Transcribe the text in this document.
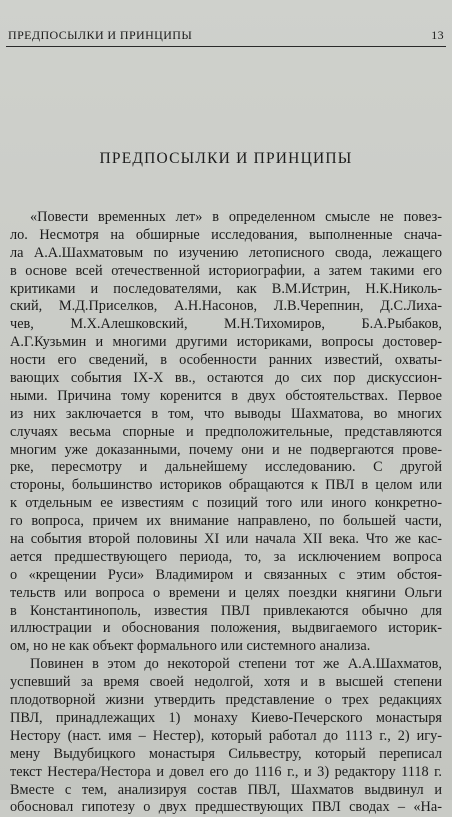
ПРЕДПОСЫЛКИ И ПРИНЦИПЫ	13
ПРЕДПОСЫЛКИ И ПРИНЦИПЫ
«Повести временных лет» в определенном смысле не повез-
ло. Несмотря на обширные исследования, выполненные снача-
ла А.А.Шахматовым по изучению летописного свода, лежащего
в основе всей отечественной историографии, а затем такими его
критиками и последователями, как В.М.Истрин, Н.К.Николь-
ский, М.Д.Приселков, А.Н.Насонов, Л.В.Черепнин, Д.С.Лиха-
чев, М.Х.Алешковский, М.Н.Тихомиров, Б.А.Рыбаков,
А.Г.Кузьмин и многими другими историками, вопросы достовер-
ности его сведений, в особенности ранних известий, охваты-
вающих события IX-X вв., остаются до сих пор дискуссион-
ными. Причина тому коренится в двух обстоятельствах. Первое
из них заключается в том, что выводы Шахматова, во многих
случаях весьма спорные и предположительные, представляются
многим уже доказанными, почему они и не подвергаются прове-
рке, пересмотру и дальнейшему исследованию. С другой
стороны, большинство историков обращаются к ПВЛ в целом или
к отдельным ее известиям с позиций того или иного конкретно-
го вопроса, причем их внимание направлено, по большей части,
на события второй половины XI или начала XII века. Что же кас-
ается предшествующего периода, то, за исключением вопроса
о «крещении Руси» Владимиром и связанных с этим обстоя-
тельств или вопроса о времени и целях поездки княгини Ольги
в Константинополь, известия ПВЛ привлекаются обычно для
иллюстрации и обоснования положения, выдвигаемого историк-
ом, но не как объект формального или системного анализа.
Повинен в этом до некоторой степени тот же А.А.Шахматов,
успевший за время своей недолгой, хотя и в высшей степени
плодотворной жизни утвердить представление о трех редакциях
ПВЛ, принадлежащих 1) монаху Киево-Печерского монастыря
Нестору (наст. имя – Нестер), который работал до 1113 г., 2) игу-
мену Выдубицкого монастыря Сильвестру, который переписал
текст Нестера/Нестора и довел его до 1116 г., и 3) редактору 1118 г.
Вместе с тем, анализируя состав ПВЛ, Шахматов выдвинул и
обосновал гипотезу о двух предшествующих ПВЛ сводах – «На-
